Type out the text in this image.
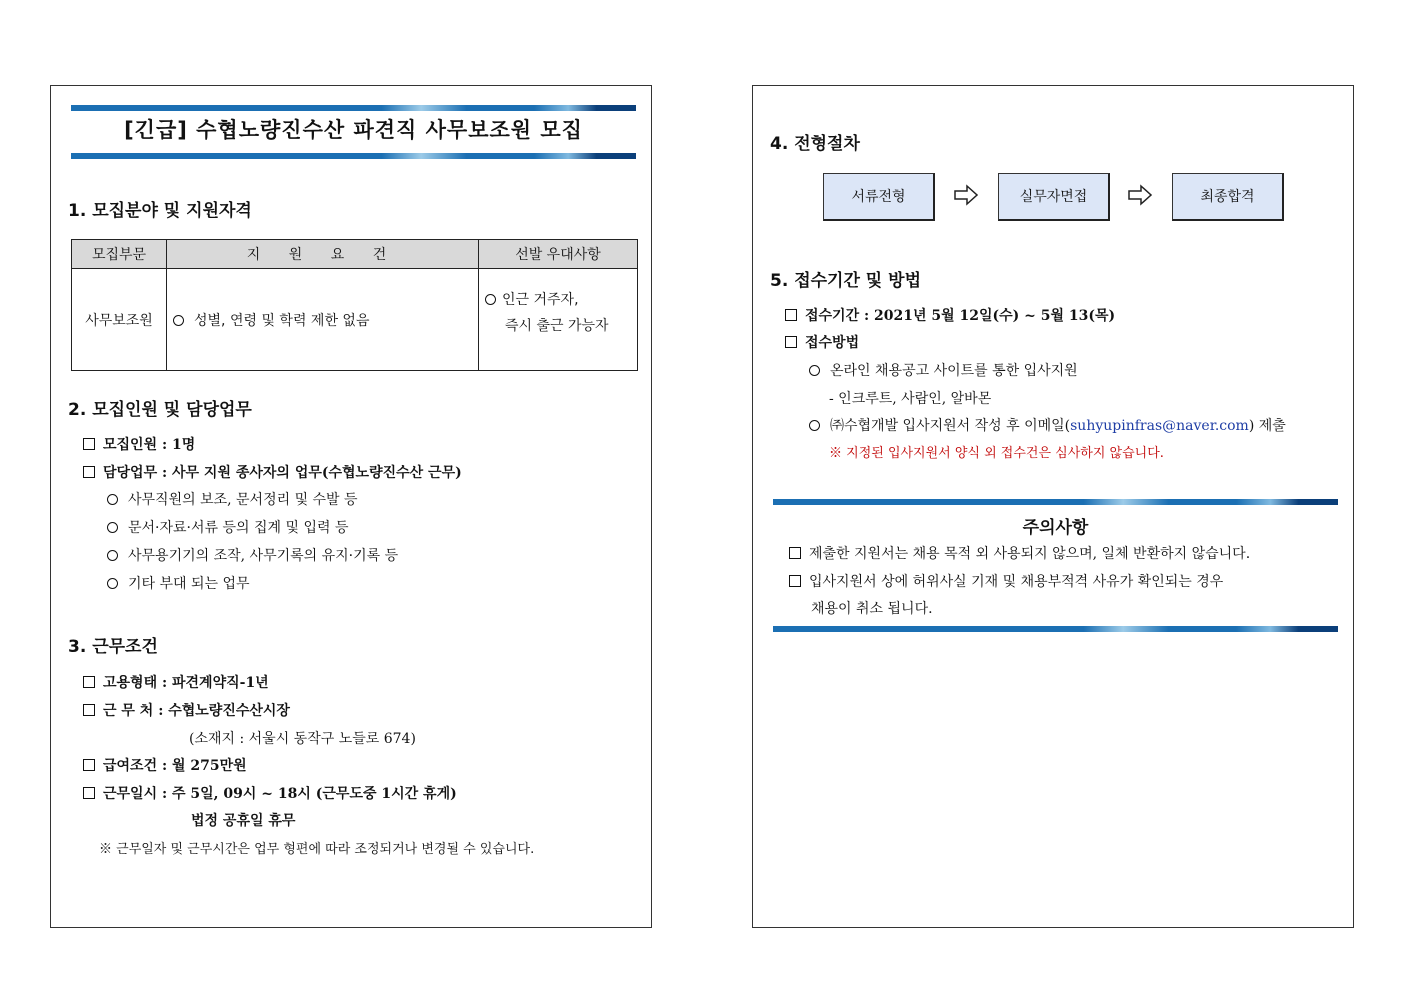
[긴급] 수협노량진수산 파견직 사무보조원 모집
1. 모집분야 및 지원자격
모집부문	지 원 요 건	선발 우대사항
사무보조원	성별, 연령 및 학력 제한 없음	인근 거주자,
즉시 출근 가능자
2. 모집인원 및 담당업무
모집인원 : 1명
담당업무 : 사무 지원 종사자의 업무(수협노량진수산 근무)
사무직원의 보조, 문서정리 및 수발 등
문서·자료·서류 등의 집계 및 입력 등
사무용기기의 조작, 사무기록의 유지·기록 등
기타 부대 되는 업무
3. 근무조건
고용형태 : 파견계약직-1년
근 무 처 : 수협노량진수산시장
(소재지 : 서울시 동작구 노들로 674)
급여조건 : 월 275만원
근무일시 : 주 5일, 09시 ~ 18시 (근무도중 1시간 휴게)
법정 공휴일 휴무
※ 근무일자 및 근무시간은 업무 형편에 따라 조정되거나 변경될 수 있습니다.
4. 전형절차
서류전형	실무자면접	최종합격
5. 접수기간 및 방법
접수기간 : 2021년 5월 12일(수) ~ 5월 13(목)
접수방법
온라인 채용공고 사이트를 통한 입사지원
- 인크루트, 사람인, 알바몬
㈜수협개발 입사지원서 작성 후 이메일(suhyupinfras@naver.com) 제출
※ 지정된 입사지원서 양식 외 접수건은 심사하지 않습니다.
주의사항
제출한 지원서는 채용 목적 외 사용되지 않으며, 일체 반환하지 않습니다.
입사지원서 상에 허위사실 기재 및 채용부적격 사유가 확인되는 경우
채용이 취소 됩니다.
